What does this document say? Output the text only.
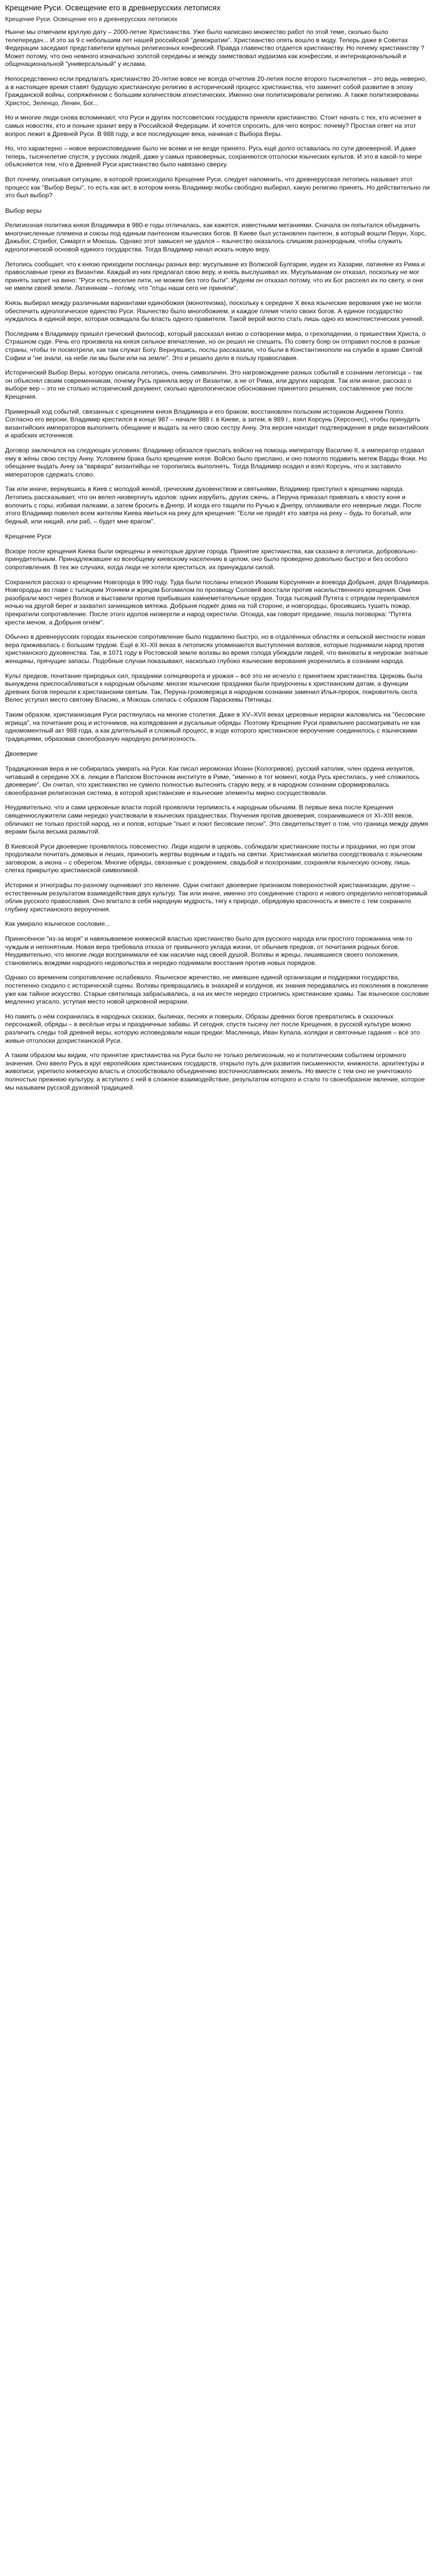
Крещение Руси. Освещение его в древнерусских летописях
Крещение Руси. Освещение его в древнерусских летописях

Нынче мы отмечаем круглую дату – 2000-летие Христианства. Уже было написано множество работ по этой теме, сколько было телепередач... И это за 9 с небольшим лет нашей российской "демократии". Христианство опять вошло в моду. Теперь даже в Советах Федерации заседают представители крупных религиозных конфессий. Правда главенство отдается христианству. Но почему христианству ? Может потому, что оно немного изначально золотой середины и между заимствовал иудаизма как конфессии, и интернациональный и общенациональной "универсальный" у ислама.

Непосредственно если предлагать христианство 20-летие вовсе не всегда отчетлив 20-летия после второго тысячелетия – это ведь неверно, а в настоящее время ставят будущую христианскую религию в исторический процесс христианства, что заменит собой развитие в эпоху Гражданской войны, сопряжённом с большим количеством атеистических. Именно они политизировали религию. А также политизированы Христос, Зеленцо, Ленин, Бог...

Но и многие люди снова вспоминают, что Руси и других постсоветских государств приняли христианство. Стоит начать с тех, кто исчезнет в самых новостях, кто и поныне хранит веру в Российской Федерации. И хочется спросить, для чего вопрос: почему? Простая ответ на этот вопрос лежит в Древней Руси. В 988 году, и все последующие века, начиная с Выбора Веры.

Но, что характерно – новое вероисповедание было не всеми и не везде принято. Русь ещё долго оставалась по сути двоеверной. И даже теперь, тысячелетие спустя, у русских людей, даже у самых правоверных, сохраняются отголоски языческих культов. И это в какой-то мере объясняется тем, что в Древней Руси христианство было навязано сверху.

Вот почему, описывая ситуацию, в которой происходило Крещение Руси, следует напомнить, что древнерусская летопись называет этот процесс как "Выбор Веры", то есть как акт, в котором князь Владимир якобы свободно выбирал, какую религию принять. Но действительно ли это был выбор?

Выбор веры

Религиозная политика князя Владимира в 980-е годы отличалась, как кажется, известными метаниями. Сначала он попытался объединить многочисленные племена и союзы под единым пантеоном языческих богов. В Киеве был установлен пантеон, в который вошли Перун, Хорс, Дажьбог, Стрибог, Симаргл и Мокошь. Однако этот замысел не удался – язычество оказалось слишком разнородным, чтобы служить идеологической основой единого государства. Тогда Владимир начал искать новую веру.

Летопись сообщает, что к князю приходили посланцы разных вер: мусульмане из Волжской Булгарии, иудеи из Хазарии, латиняне из Рима и православные греки из Византии. Каждый из них предлагал свою веру, и князь выслушивал их. Мусульманам он отказал, поскольку не мог принять запрет на вино: "Руси есть веселие пити, не можем без того быти". Иудеям он отказал потому, что их Бог рассеял их по свету, и они не имели своей земли. Латинянам – потому, что "отцы наши сего не приняли".

Князь выбирал между различными вариантами единобожия (монотеизма), поскольку к середине X века языческие верования уже не могли обеспечить идеологическое единство Руси. Язычество было многобожием, и каждое племя чтило своих богов. А единое государство нуждалось в единой вере, которая освящала бы власть одного правителя. Такой верой могло стать лишь одно из монотеистических учений.

Последним к Владимиру пришёл греческий философ, который рассказал князю о сотворении мира, о грехопадении, о пришествии Христа, о Страшном суде. Речь его произвела на князя сильное впечатление, но он решил не спешить. По совету бояр он отправил послов в разные страны, чтобы те посмотрели, как там служат Богу. Вернувшись, послы рассказали, что были в Константинополе на службе в храме Святой Софии и "не знали, на небе ли мы были или на земле". Это и решило дело в пользу православия.

Исторический Выбор Веры, которую описала летопись, очень символичен. Это нагромождение разных событий в сознании летописца – так он объяснял своим современникам, почему Русь приняла веру от Византии, а не от Рима, или других народов. Так или иначе, рассказ о выборе вер – это не столько исторический документ, сколько идеологическое обоснование принятого решения, составленное уже после Крещения.

Примерный ход событий, связанных с крещением князя Владимира и его браком, восстановлен польским историком Анджеем Поппэ. Согласно его версии, Владимир крестился в конце 987 – начале 988 г. в Киеве, а затем, в 989 г., взял Корсунь (Херсонес), чтобы принудить византийских императоров выполнить обещание и выдать за него свою сестру Анну. Эта версия находит подтверждение в ряде византийских и арабских источников.

Договор заключался на следующих условиях: Владимир обязался прислать войско на помощь императору Василию II, а император отдавал ему в жёны свою сестру Анну. Условием брака было крещение князя. Войско было прислано, и оно помогло подавить мятеж Варды Фоки. Но обещание выдать Анну за "варвара" византийцы не торопились выполнять. Тогда Владимир осадил и взял Корсунь, что и заставило императоров сдержать слово.

Так или иначе, вернувшись в Киев с молодой женой, греческим духовенством и святынями, Владимир приступил к крещению народа. Летопись рассказывает, что он велел низвергнуть идолов: одних изрубить, других сжечь, а Перуна приказал привязать к хвосту коня и волочить с горы, избивая палками, а затем бросить в Днепр. И когда его тащили по Ручью к Днепру, оплакивали его неверные люди. После этого Владимир повелел всем жителям Киева явиться на реку для крещения: "Если не придёт кто завтра на реку – будь то богатый, или бедный, или нищий, или раб, – будет мне врагом".

Крещение Руси

Вскоре после крещения Киева были окрещены и некоторые другие города. Принятие христианства, как сказано в летописи, добровольно-принудительным. Принадлежавшее ко всеобщему киевскому населению в целом, оно было проведено довольно быстро и без особого сопротивления. В тех же случаях, когда люди не хотели креститься, их принуждали силой.

Сохранился рассказ о крещении Новгорода в 990 году. Туда были посланы епископ Иоаким Корсунянин и воевода Добрыня, дядя Владимира. Новгородцы во главе с тысяцким Угоняем и жрецом Богомилом по прозвищу Соловей восстали против насильственного крещения. Они разобрали мост через Волхов и выставили против прибывших камнеметательные орудия. Тогда тысяцкий Путята с отрядом переправился ночью на другой берег и захватил зачинщиков мятежа. Добрыня поджёг дома на той стороне, и новгородцы, бросившись тушить пожар, прекратили сопротивление. После этого идолов низвергли и народ окрестили. Отсюда, как говорит предание, пошла поговорка: "Путята крести мечом, а Добрыня огнём".

Обычно в древнерусских городах языческое сопротивление было подавлено быстро, но в отдалённых областях и сельской местности новая вера приживалась с большим трудом. Ещё в XI–XII веках в летописях упоминаются выступления волхвов, которые поднимали народ против христианского духовенства. Так, в 1071 году в Ростовской земле волхвы во время голода убеждали людей, что виноваты в неурожае знатные женщины, прячущие запасы. Подобные случаи показывают, насколько глубоко языческие верования укоренились в сознании народа.

Культ предков, почитание природных сил, праздники солнцеворота и урожая – всё это не исчезло с принятием христианства. Церковь была вынуждена приспосабливаться к народным обычаям: многие языческие праздники были приурочены к христианским датам, а функции древних богов перешли к христианским святым. Так, Перуна-громовержца в народном сознании заменил Илья-пророк, покровитель скота Велес уступил место святому Власию, а Мокошь слилась с образом Параскевы Пятницы.

Таким образом, христианизация Руси растянулась на многие столетия. Даже в XV–XVII веках церковные иерархи жаловались на "бесовские игрища", на почитание рощ и источников, на колядования и русальные обряды. Поэтому Крещение Руси правильнее рассматривать не как одномоментный акт 988 года, а как длительный и сложный процесс, в ходе которого христианское вероучение соединилось с языческими традициями, образовав своеобразную народную религиозность.

Двоеверие

Традиционная вера и не собиралась умирать на Руси. Как писал иеромонах Иоанн (Кологривов), русский католик, член ордена иезуитов, читавший в середине XX в. лекции в Папском Восточном институте в Риме, "именно в тот момент, когда Русь крестилась, у неё сложилось двоеверие". Он считал, что христианство не сумело полностью вытеснить старую веру, и в народном сознании сформировалась своеобразная религиозная система, в которой христианские и языческие элементы мирно сосуществовали.

Неудивительно, что и сами церковные власти порой проявляли терпимость к народным обычаям. В первые века после Крещения священнослужители сами нередко участвовали в языческих празднествах. Поучения против двоеверия, сохранившиеся от XI–XIII веков, обличают не только простой народ, но и попов, которые "пьют и поют бесовские песни". Это свидетельствует о том, что граница между двумя верами была весьма размытой.

В Киевской Руси двоеверие проявлялось повсеместно. Люди ходили в церковь, соблюдали христианские посты и праздники, но при этом продолжали почитать домовых и леших, приносить жертвы водяным и гадать на святки. Христианская молитва соседствовала с языческим заговором, а икона – с оберегом. Многие обряды, связанные с рождением, свадьбой и похоронами, сохраняли языческую основу, лишь слегка прикрытую христианской символикой.

Историки и этнографы по-разному оценивают это явление. Одни считают двоеверие признаком поверхностной христианизации, другие – естественным результатом взаимодействия двух культур. Так или иначе, именно это соединение старого и нового определило неповторимый облик русского православия. Оно впитало в себя народную мудрость, тягу к природе, обрядовую красочность и вместе с тем сохранило глубину христианского вероучения.

Как умирало языческое сословие...

Принесённое "из-за моря" и навязываемое княжеской властью христианство было для русского народа или простого горожанина чем-то чуждым и непонятным. Новая вера требовала отказа от привычного уклада жизни, от обычаев предков, от почитания родных богов. Неудивительно, что многие люди воспринимали её как насилие над своей душой. Волхвы и жрецы, лишившиеся своего положения, становились вождями народного недовольства и нередко поднимали восстания против новых порядков.

Однако со временем сопротивление ослабевало. Языческое жречество, не имевшее единой организации и поддержки государства, постепенно сходило с исторической сцены. Волхвы превращались в знахарей и колдунов, их знания передавались из поколения в поколение уже как тайное искусство. Старые святилища забрасывались, а на их месте нередко строились христианские храмы. Так языческое сословие медленно угасало, уступая место новой церковной иерархии.

Но память о нём сохранилась в народных сказках, былинах, песнях и поверьях. Образы древних богов превратились в сказочных персонажей, обряды – в весёлые игры и праздничные забавы. И сегодня, спустя тысячу лет после Крещения, в русской культуре можно различить следы той древней веры, которую исповедовали наши предки: Масленица, Иван Купала, колядки и святочные гадания – всё это живые отголоски дохристианской Руси.

А таким образом мы видим, что принятие христианства на Руси было не только религиозным, но и политическим событием огромного значения. Оно ввело Русь в круг европейских христианских государств, открыло путь для развития письменности, книжности, архитектуры и живописи, укрепило княжескую власть и способствовало объединению восточнославянских земель. Но вместе с тем оно не уничтожило полностью прежнюю культуру, а вступило с ней в сложное взаимодействие, результатом которого и стало то своеобразное явление, которое мы называем русской духовной традицией.
